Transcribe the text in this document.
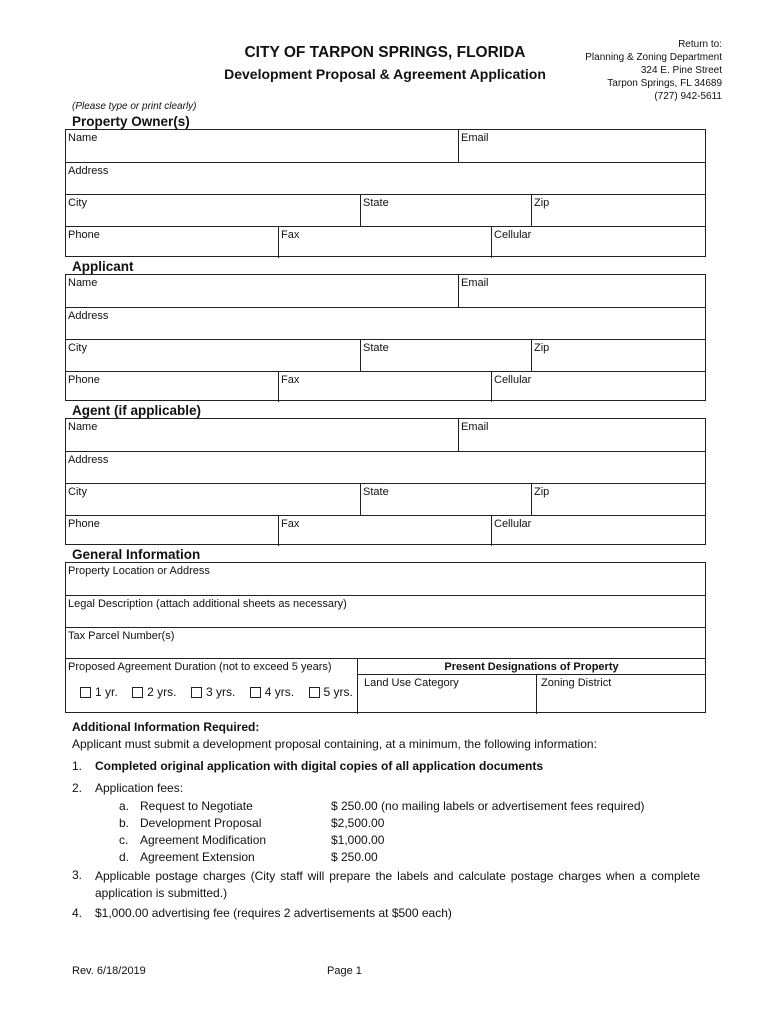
CITY OF TARPON SPRINGS, FLORIDA
Development Proposal & Agreement Application
Return to:
Planning & Zoning Department
324 E. Pine Street
Tarpon Springs, FL 34689
(727) 942-5611
(Please type or print clearly)
Property Owner(s)
Name	Email
Address
City	State	Zip
Phone	Fax	Cellular
Applicant
Name	Email
Address
City	State	Zip
Phone	Fax	Cellular
Agent (if applicable)
Name	Email
Address
City	State	Zip
Phone	Fax	Cellular
General Information
Property Location or Address
Legal Description (attach additional sheets as necessary)
Tax Parcel Number(s)
Proposed Agreement Duration (not to exceed 5 years)
1 yr. 2 yrs. 3 yrs. 4 yrs. 5 yrs.
Present Designations of Property
Land Use Category	Zoning District
Additional Information Required:
Applicant must submit a development proposal containing, at a minimum, the following information:
1. Completed original application with digital copies of all application documents
2. Application fees:
a. Request to Negotiate	$ 250.00 (no mailing labels or advertisement fees required)
b. Development Proposal	$2,500.00
c. Agreement Modification	$1,000.00
d. Agreement Extension	$ 250.00
3. Applicable postage charges (City staff will prepare the labels and calculate postage charges when a complete application is submitted.)
4. $1,000.00 advertising fee (requires 2 advertisements at $500 each)
Rev. 6/18/2019	Page 1
